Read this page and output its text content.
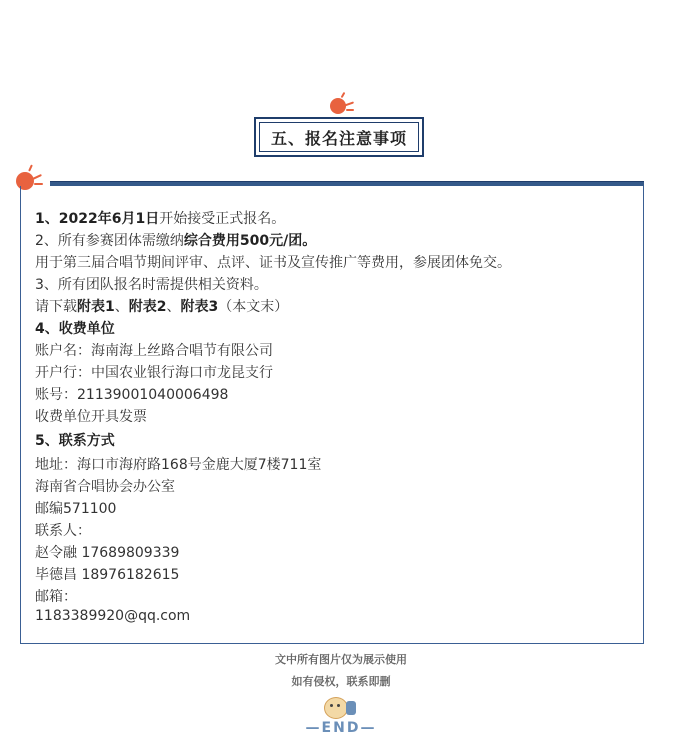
五、报名注意事项
1、2022年6月1日开始接受正式报名。
2、所有参赛团体需缴纳综合费用500元/团。
用于第三届合唱节期间评审、点评、证书及宣传推广等费用，参展团体免交。
3、所有团队报名时需提供相关资料。
请下载附表1、附表2、附表3（本文末）
4、收费单位
账户名：海南海上丝路合唱节有限公司
开户行：中国农业银行海口市龙昆支行
账号：21139001040006498
收费单位开具发票
5、联系方式
地址：海口市海府路168号金鹿大厦7楼711室
海南省合唱协会办公室
邮编571100
联系人：
赵令融 17689809339
毕德昌 18976182615
邮箱：
1183389920@qq.com
文中所有图片仅为展示使用
如有侵权，联系即删
—END—
